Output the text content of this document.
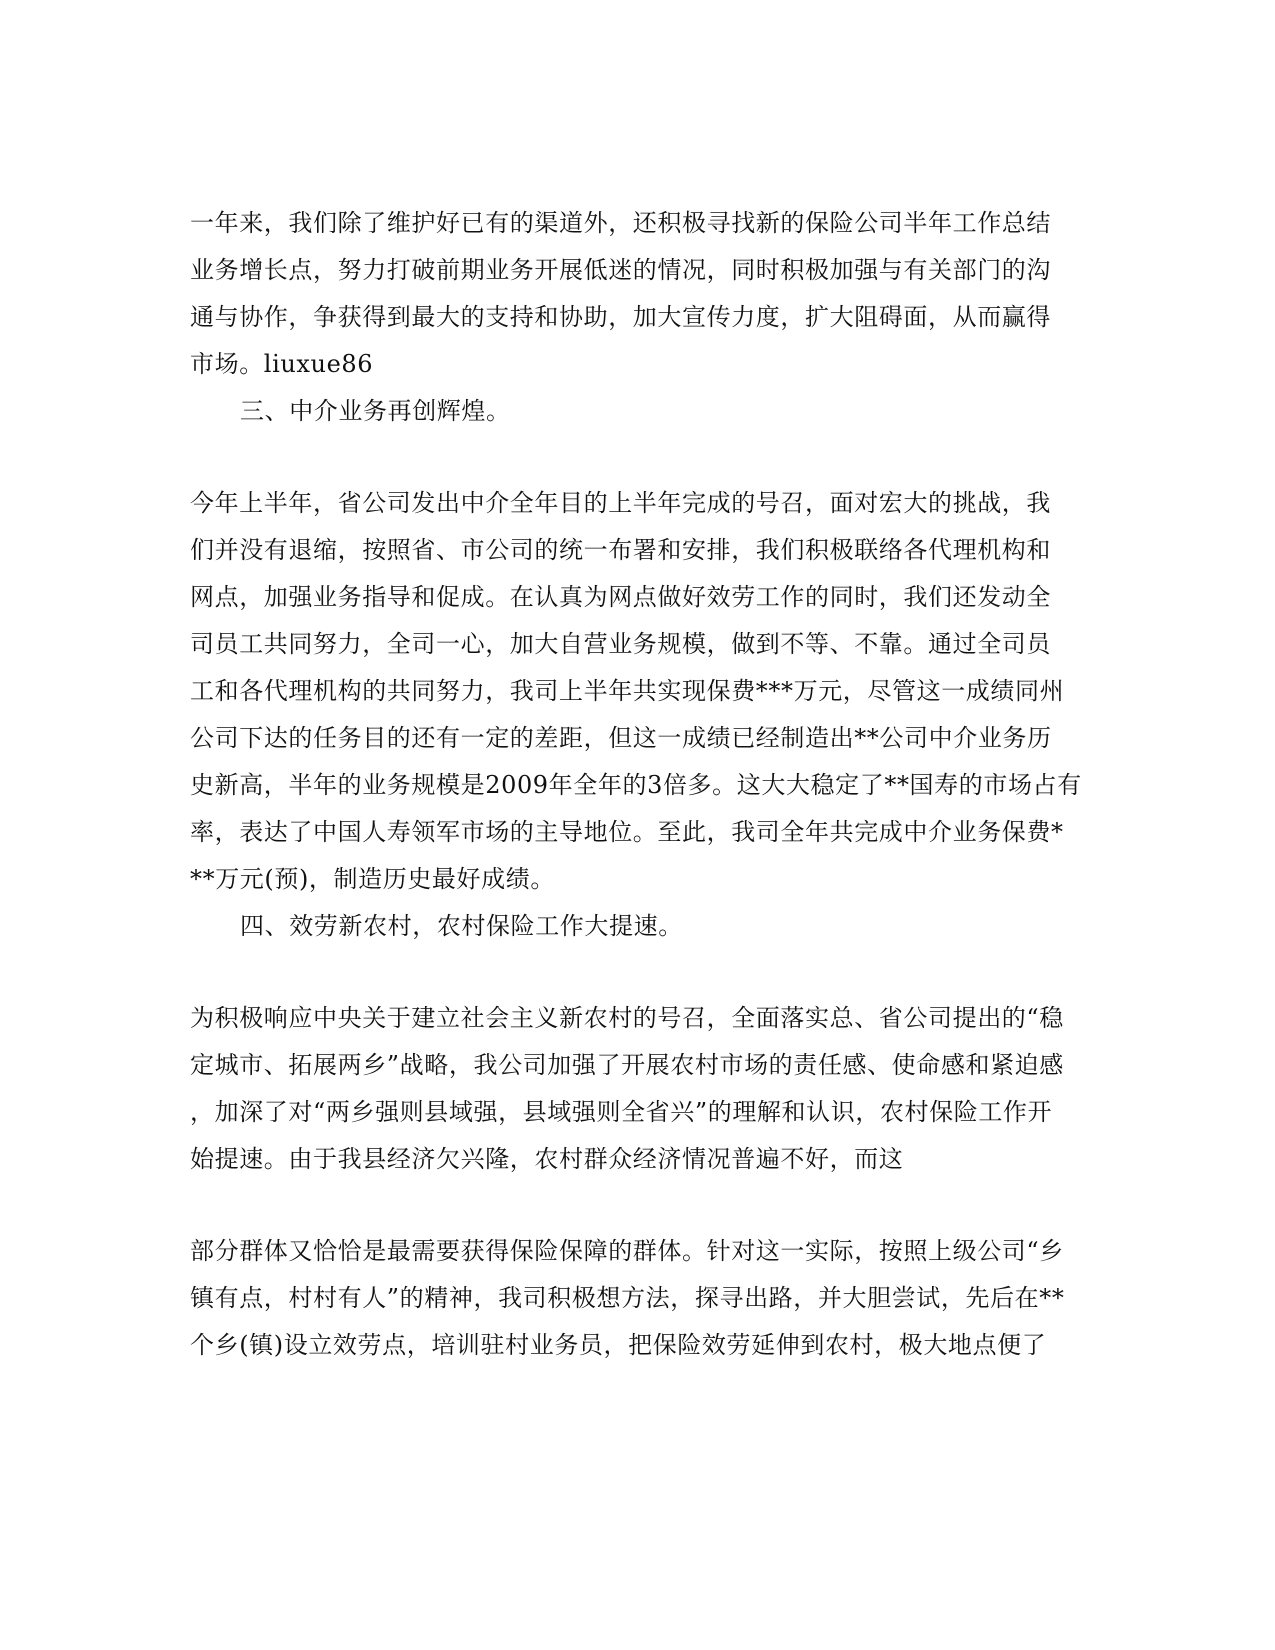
一年来，我们除了维护好已有的渠道外，还积极寻找新的保险公司半年工作总结
业务增长点，努力打破前期业务开展低迷的情况，同时积极加强与有关部门的沟
通与协作，争获得到最大的支持和协助，加大宣传力度，扩大阻碍面，从而赢得
市场。liuxue86
三、中介业务再创辉煌。
今年上半年，省公司发出中介全年目的上半年完成的号召，面对宏大的挑战，我
们并没有退缩，按照省、市公司的统一布署和安排，我们积极联络各代理机构和
网点，加强业务指导和促成。在认真为网点做好效劳工作的同时，我们还发动全
司员工共同努力，全司一心，加大自营业务规模，做到不等、不靠。通过全司员
工和各代理机构的共同努力，我司上半年共实现保费***万元，尽管这一成绩同州
公司下达的任务目的还有一定的差距，但这一成绩已经制造出**公司中介业务历
史新高，半年的业务规模是2009年全年的3倍多。这大大稳定了**国寿的市场占有
率，表达了中国人寿领军市场的主导地位。至此，我司全年共完成中介业务保费*
**万元(预)，制造历史最好成绩。
四、效劳新农村，农村保险工作大提速。
为积极响应中央关于建立社会主义新农村的号召，全面落实总、省公司提出的“稳
定城市、拓展两乡”战略，我公司加强了开展农村市场的责任感、使命感和紧迫感
，加深了对“两乡强则县域强，县域强则全省兴”的理解和认识，农村保险工作开
始提速。由于我县经济欠兴隆，农村群众经济情况普遍不好，而这
部分群体又恰恰是最需要获得保险保障的群体。针对这一实际，按照上级公司“乡
镇有点，村村有人”的精神，我司积极想方法，探寻出路，并大胆尝试，先后在**
个乡(镇)设立效劳点，培训驻村业务员，把保险效劳延伸到农村，极大地点便了
